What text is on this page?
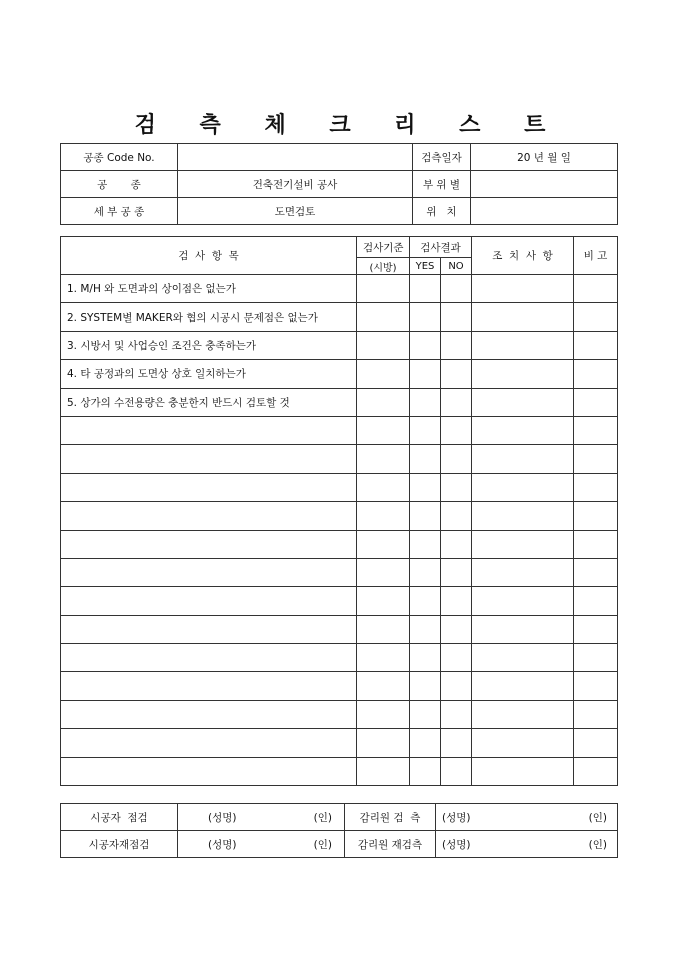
검 측 체 크 리 스 트
공종 Code No.		검측일자	20 년 월 일
공       종	건축전기설비 공사	부 위 별	
세 부 공 종	도면검토	위   치	
검  사  항  목	검사기준	검사결과		조  치  사  항	비 고
	(시방)	YES	NO		
1. M/H 와 도면과의 상이점은 없는가					
2. SYSTEM별 MAKER와 협의 시공시 문제점은 없는가					
3. 시방서 및 사업승인 조건은 충족하는가					
4. 타 공정과의 도면상 상호 일치하는가					
5. 상가의 수전용량은 충분한지 반드시 검토할 것					

시공자  점검	(성명)	(인)	감리원 검  측	(성명)	(인)
시공자재점검	(성명)	(인)	감리원 재검측	(성명)	(인)
